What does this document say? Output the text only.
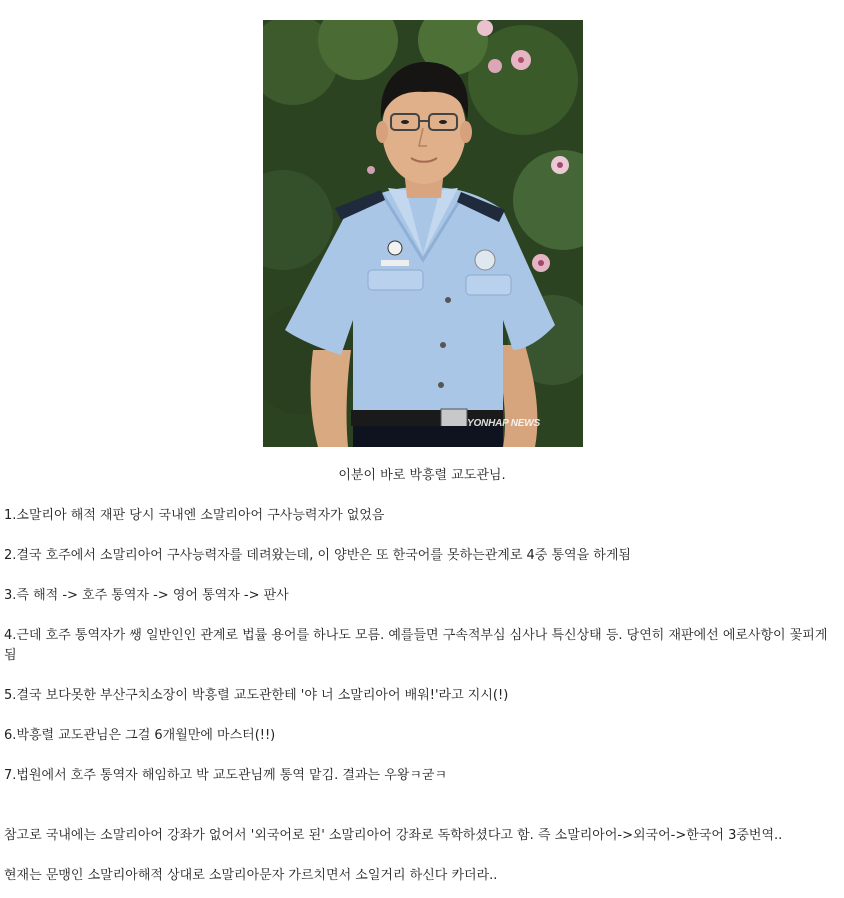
YONHAP NEWS
이분이 바로 박흥렬 교도관님.

1.소말리아 해적 재판 당시 국내엔 소말리아어 구사능력자가 없었음

2.결국 호주에서 소말리아어 구사능력자를 데려왔는데, 이 양반은 또 한국어를 못하는관계로 4중 통역을 하게됨

3.즉 해적 -> 호주 통역자 -> 영어 통역자 -> 판사

4.근데 호주 통역자가 쌩 일반인인 관계로 법률 용어를 하나도 모름. 예를들면 구속적부심 심사나 특신상태 등. 당연히 재판에선 에로사항이 꽃피게 됨

5.결국 보다못한 부산구치소장이 박흥렬 교도관한테 '야 너 소말리아어 배워!'라고 지시(!)

6.박흥렬 교도관님은 그걸 6개월만에 마스터(!!)

7.법원에서 호주 통역자 해임하고 박 교도관님께 통역 맡김. 결과는 우왕ㅋ굳ㅋ

참고로 국내에는 소말리아어 강좌가 없어서 '외국어로 된' 소말리아어 강좌로 독학하셨다고 함. 즉 소말리아어->외국어->한국어 3중번역..

현재는 문맹인 소말리아해적 상대로 소말리아문자 가르치면서 소일거리 하신다 카더라..
